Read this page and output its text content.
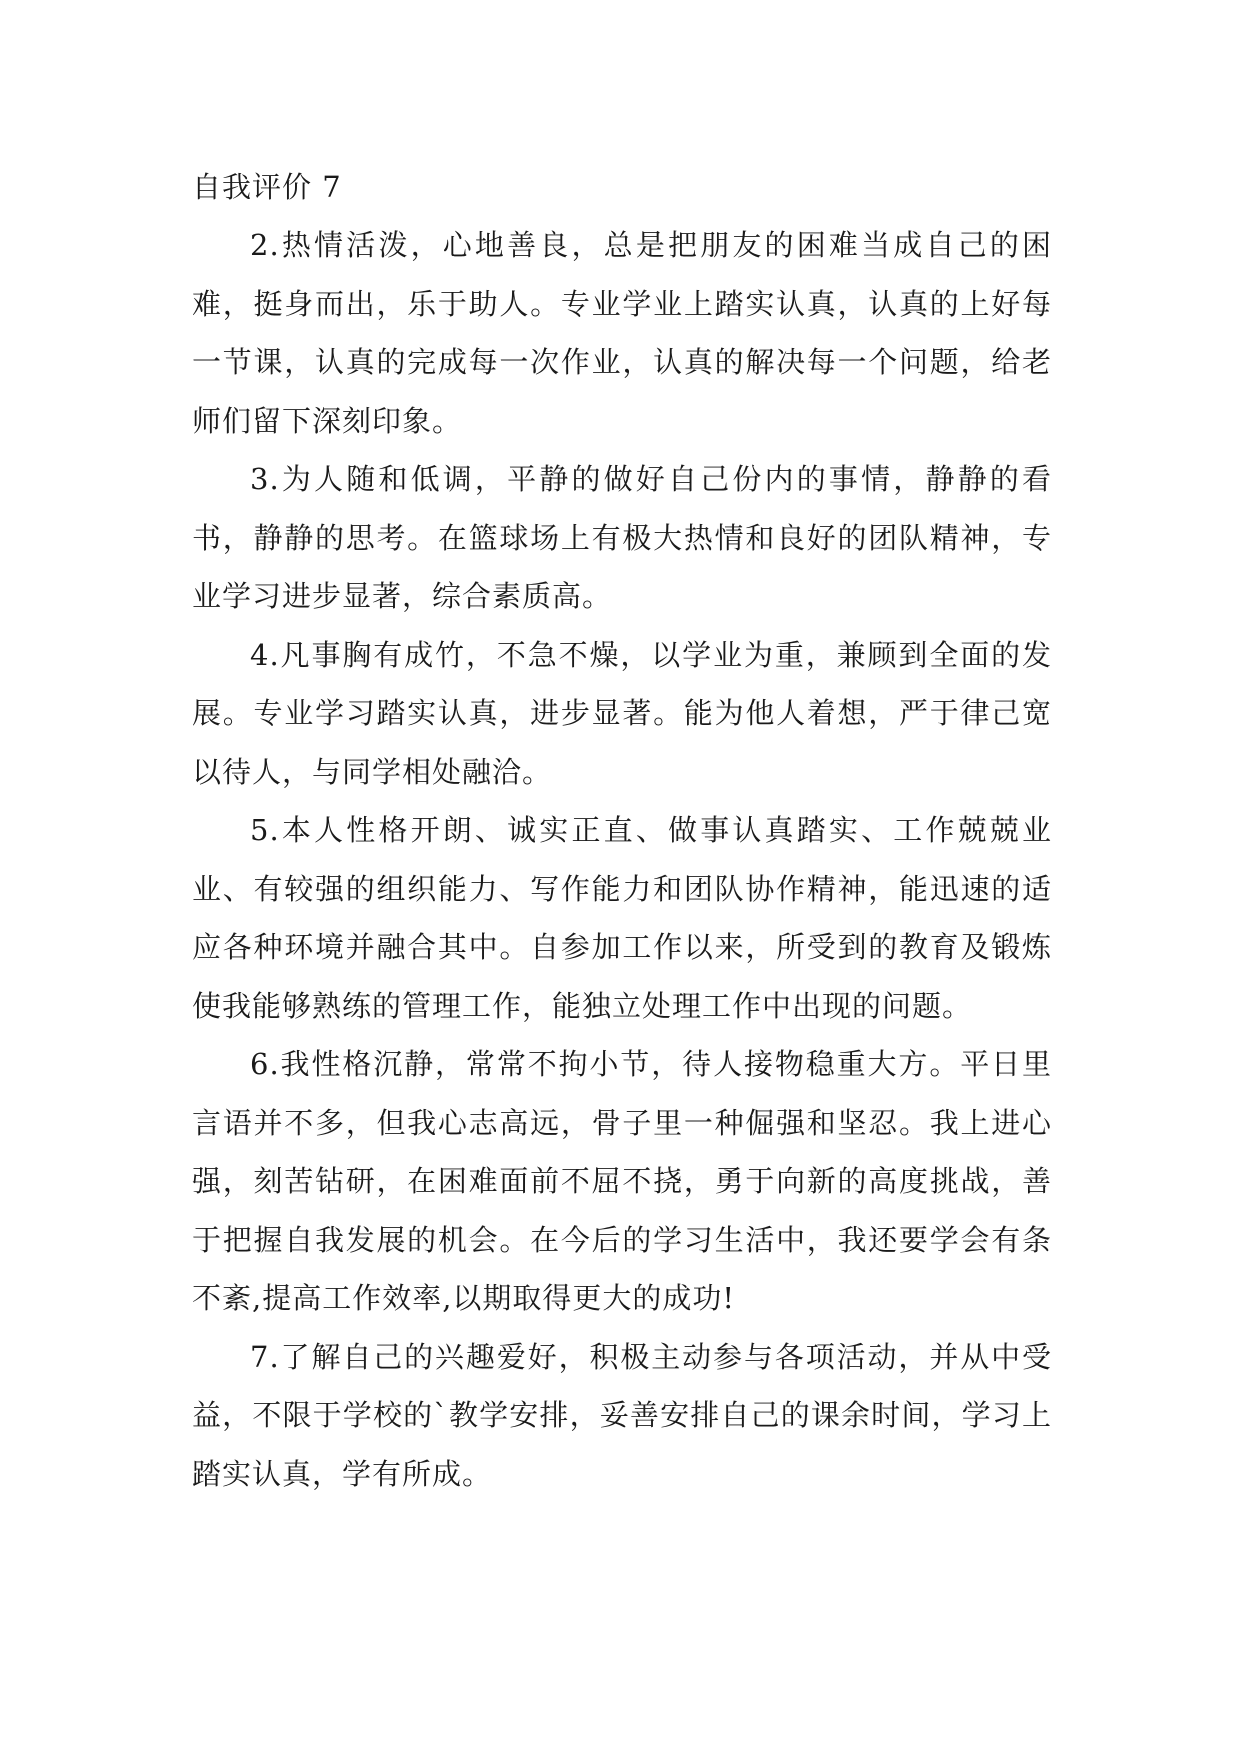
自我评价 7

2.热情活泼，心地善良，总是把朋友的困难当成自己的困难，挺身而出，乐于助人。专业学业上踏实认真，认真的上好每一节课，认真的完成每一次作业，认真的解决每一个问题，给老师们留下深刻印象。

3.为人随和低调，平静的做好自己份内的事情，静静的看书，静静的思考。在篮球场上有极大热情和良好的团队精神，专业学习进步显著，综合素质高。

4.凡事胸有成竹，不急不燥，以学业为重，兼顾到全面的发展。专业学习踏实认真，进步显著。能为他人着想，严于律己宽以待人，与同学相处融洽。

5.本人性格开朗、诚实正直、做事认真踏实、工作兢兢业业、有较强的组织能力、写作能力和团队协作精神，能迅速的适应各种环境并融合其中。自参加工作以来，所受到的教育及锻炼使我能够熟练的管理工作，能独立处理工作中出现的问题。

6.我性格沉静，常常不拘小节，待人接物稳重大方。平日里言语并不多，但我心志高远，骨子里一种倔强和坚忍。我上进心强，刻苦钻研，在困难面前不屈不挠，勇于向新的高度挑战，善于把握自我发展的机会。在今后的学习生活中，我还要学会有条不紊,提高工作效率,以期取得更大的成功!

7.了解自己的兴趣爱好，积极主动参与各项活动，并从中受益，不限于学校的`教学安排，妥善安排自己的课余时间，学习上踏实认真，学有所成。
